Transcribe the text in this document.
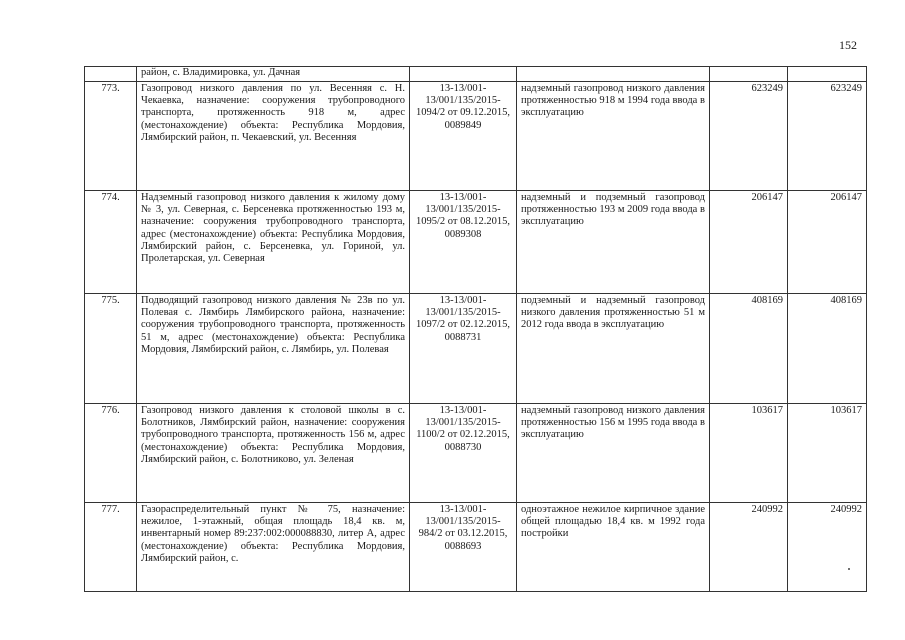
152
	район, с. Владимировка, ул. Дачная				
773.	Газопровод низкого давления по ул. Весенняя с. Н. Чекаевка, назначение: сооружения трубопроводного транспорта, протяженность 918 м, адрес (местонахождение) объекта: Республика Мордовия, Лямбирский район, п. Чекаевский, ул. Весенняя	13-13/001-13/001/135/2015-1094/2 от 09.12.2015, 0089849	надземный газопровод низкого давления протяженностью 918 м 1994 года ввода в эксплуатацию	623249	623249
774.	Надземный газопровод низкого давления к жилому дому № 3, ул. Северная, с. Берсеневка протяженностью 193 м, назначение: сооружения трубопроводного транспорта, адрес (местонахождение) объекта: Республика Мордовия, Лямбирский район, с. Берсеневка, ул. Гориной, ул. Пролетарская, ул. Северная	13-13/001-13/001/135/2015-1095/2 от 08.12.2015, 0089308	надземный и подземный газопровод протяженностью 193 м 2009 года ввода в эксплуатацию	206147	206147
775.	Подводящий газопровод низкого давления № 23в по ул. Полевая с. Лямбирь Лямбирского района, назначение: сооружения трубопроводного транспорта, протяженность 51 м, адрес (местонахождение) объекта: Республика Мордовия, Лямбирский район, с. Лямбирь, ул. Полевая	13-13/001-13/001/135/2015-1097/2 от 02.12.2015, 0088731	подземный и надземный газопровод низкого давления протяженностью 51 м 2012 года ввода в эксплуатацию	408169	408169
776.	Газопровод низкого давления к столовой школы в с. Болотников, Лямбирский район, назначение: сооружения трубопроводного транспорта, протяженность 156 м, адрес (местонахождение) объекта: Республика Мордовия, Лямбирский район, с. Болотниково, ул. Зеленая	13-13/001-13/001/135/2015-1100/2 от 02.12.2015, 0088730	надземный газопровод низкого давления протяженностью 156 м 1995 года ввода в эксплуатацию	103617	103617
777.	Газораспределительный пункт № 75, назначение: нежилое, 1-этажный, общая площадь 18,4 кв. м, инвентарный номер 89:237:002:000088830, литер А, адрес (местонахождение) объекта: Республика Мордовия, Лямбирский район, с.	13-13/001-13/001/135/2015-984/2 от 03.12.2015, 0088693	одноэтажное нежилое кирпичное здание общей площадью 18,4 кв. м 1992 года постройки	240992	240992
